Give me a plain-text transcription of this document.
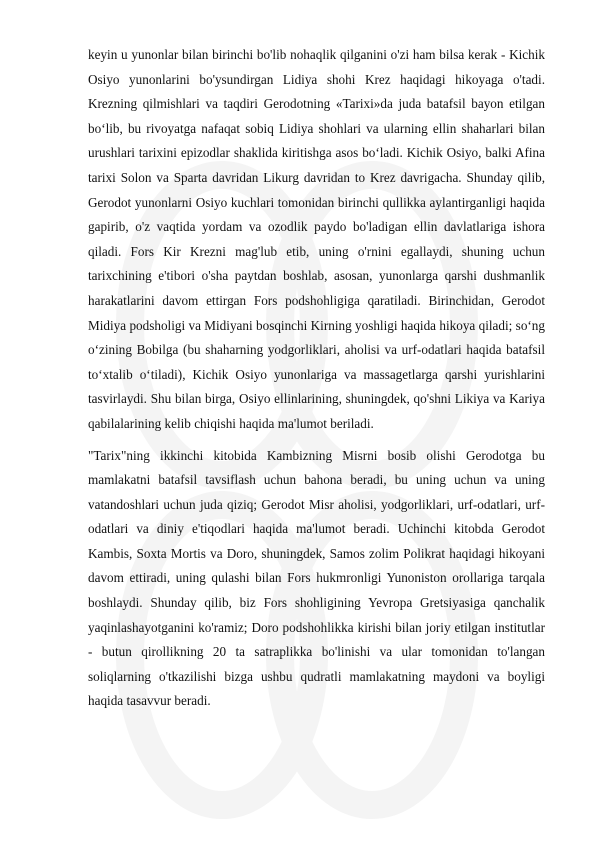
keyin u yunonlar bilan birinchi bo'lib nohaqlik qilganini o'zi ham bilsa kerak - Kichik Osiyo yunonlarini bo'ysundirgan Lidiya shohi Krez haqidagi hikoyaga o'tadi. Krezning qilmishlari va taqdiri Gerodotning «Tarixi»da juda batafsil bayon etilgan bo‘lib, bu rivoyatga nafaqat sobiq Lidiya shohlari va ularning ellin shaharlari bilan urushlari tarixini epizodlar shaklida kiritishga asos bo‘ladi. Kichik Osiyo, balki Afina tarixi Solon va Sparta davridan Likurg davridan to Krez davrigacha. Shunday qilib, Gerodot yunonlarni Osiyo kuchlari tomonidan birinchi qullikka aylantirganligi haqida gapirib, o'z vaqtida yordam va ozodlik paydo bo'ladigan ellin davlatlariga ishora qiladi. Fors Kir Krezni mag'lub etib, uning o'rnini egallaydi, shuning uchun tarixchining e'tibori o'sha paytdan boshlab, asosan, yunonlarga qarshi dushmanlik harakatlarini davom ettirgan Fors podshohligiga qaratiladi. Birinchidan, Gerodot Midiya podsholigi va Midiyani bosqinchi Kirning yoshligi haqida hikoya qiladi; so‘ng o‘zining Bobilga (bu shaharning yodgorliklari, aholisi va urf-odatlari haqida batafsil to‘xtalib o‘tiladi), Kichik Osiyo yunonlariga va massagetlarga qarshi yurishlarini tasvirlaydi. Shu bilan birga, Osiyo ellinlarining, shuningdek, qo'shni Likiya va Kariya qabilalarining kelib chiqishi haqida ma'lumot beriladi.

"Tarix"ning ikkinchi kitobida Kambizning Misrni bosib olishi Gerodotga bu mamlakatni batafsil tavsiflash uchun bahona beradi, bu uning uchun va uning vatandoshlari uchun juda qiziq; Gerodot Misr aholisi, yodgorliklari, urf-odatlari, urf-odatlari va diniy e'tiqodlari haqida ma'lumot beradi. Uchinchi kitobda Gerodot Kambis, Soxta Mortis va Doro, shuningdek, Samos zolim Polikrat haqidagi hikoyani davom ettiradi, uning qulashi bilan Fors hukmronligi Yunoniston orollariga tarqala boshlaydi. Shunday qilib, biz Fors shohligining Yevropa Gretsiyasiga qanchalik yaqinlashayotganini ko'ramiz; Doro podshohlikka kirishi bilan joriy etilgan institutlar - butun qirollikning 20 ta satraplikka bo'linishi va ular tomonidan to'langan soliqlarning o'tkazilishi bizga ushbu qudratli mamlakatning maydoni va boyligi haqida tasavvur beradi.
